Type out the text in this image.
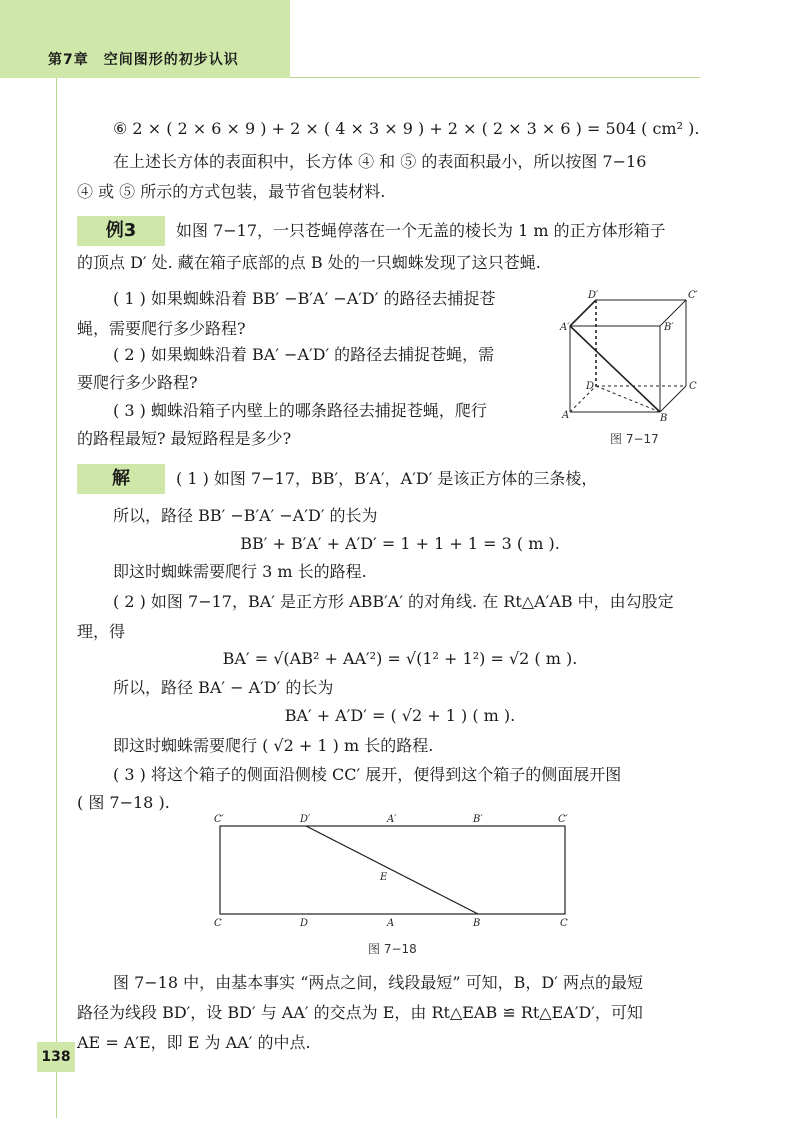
第7章　空间图形的初步认识
⑥ 2 × ( 2 × 6 × 9 ) + 2 × ( 4 × 3 × 9 ) + 2 × ( 2 × 3 × 6 ) = 504 ( cm² ).
在上述长方体的表面积中，长方体 ④ 和 ⑤ 的表面积最小，所以按图 7−16
④ 或 ⑤ 所示的方式包装，最节省包装材料.
例3	如图 7−17，一只苍蝇停落在一个无盖的棱长为 1 m 的正方体形箱子
的顶点 D′ 处. 藏在箱子底部的点 B 处的一只蜘蛛发现了这只苍蝇.
( 1 ) 如果蜘蛛沿着 BB′ −B′A′ −A′D′ 的路径去捕捉苍
蝇，需要爬行多少路程?
( 2 ) 如果蜘蛛沿着 BA′ −A′D′ 的路径去捕捉苍蝇，需
要爬行多少路程?
( 3 ) 蜘蛛沿箱子内壁上的哪条路径去捕捉苍蝇，爬行
的路程最短? 最短路程是多少?
D′	C′
A′	B′
D	C
A	B
图 7−17
解	( 1 ) 如图 7−17，BB′，B′A′，A′D′ 是该正方体的三条棱，
所以，路径 BB′ −B′A′ −A′D′ 的长为
BB′ + B′A′ + A′D′ = 1 + 1 + 1 = 3 ( m ).
即这时蜘蛛需要爬行 3 m 长的路程.
( 2 ) 如图 7−17，BA′ 是正方形 ABB′A′ 的对角线. 在 Rt△A′AB 中，由勾股定
理，得
BA′ = √(AB² + AA′²) = √(1² + 1²) = √2 ( m ).
所以，路径 BA′ − A′D′ 的长为
BA′ + A′D′ = ( √2 + 1 ) ( m ).
即这时蜘蛛需要爬行 ( √2 + 1 ) m 长的路程.
( 3 ) 将这个箱子的侧面沿侧棱 CC′ 展开，便得到这个箱子的侧面展开图
( 图 7−18 ).
C′	D′	A′	B′	C′
C	D	A	B	C
E
图 7−18
图 7−18 中，由基本事实 “两点之间，线段最短” 可知，B，D′ 两点的最短
路径为线段 BD′，设 BD′ 与 AA′ 的交点为 E，由 Rt△EAB ≌ Rt△EA′D′，可知
AE = A′E，即 E 为 AA′ 的中点.
138
